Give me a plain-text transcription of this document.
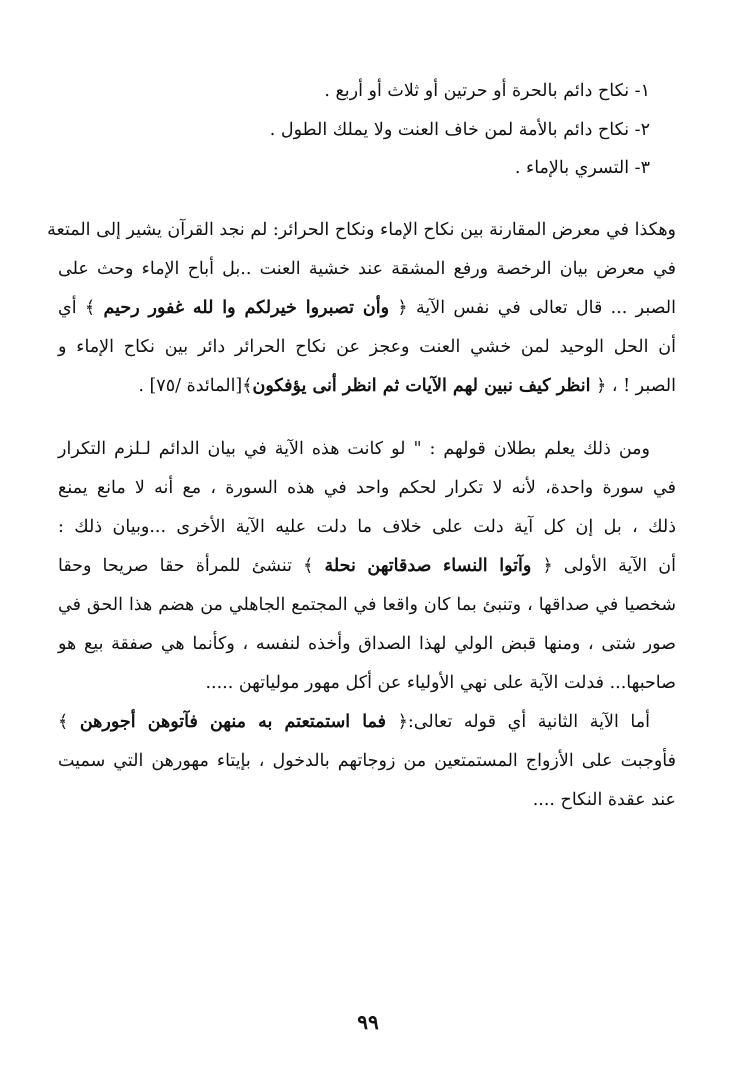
١- نكاح دائم بالحرة أو حرتين أو ثلاث أو أربع .
٢- نكاح دائم بالأمة لمن خاف العنت ولا يملك الطول .
٣- التسري بالإماء .
وهكذا في معرض المقارنة بين نكاح الإماء ونكاح الحرائر: لم نجد القرآن يشير إلى المتعة
في معرض بيان الرخصة ورفع المشقة عند خشية العنت ..بل أباح الإماء وحث على
الصبر ... قال تعالى في نفس الآية ﴿ وأن تصبروا خيرلكم وا لله غفور رحيم ﴾ أي
أن الحل الوحيد لمن خشي العنت وعجز عن نكاح الحرائر دائر بين نكاح الإماء و
الصبر ! ، ﴿ انظر كيف نبين لهم الآيات ثم انظر أنى يؤفكون﴾[المائدة /٧٥] .
ومن ذلك يعلم بطلان قولهم : " لو كانت هذه الآية في بيان الدائم لـلزم التكرار
في سورة واحدة، لأنه لا تكرار لحكم واحد في هذه السورة ، مع أنه لا مانع يمنع
ذلك ، بل إن كل آية دلت على خلاف ما دلت عليه الآية الأخرى ...وبيان ذلك :
أن الآية الأولى ﴿ وآتوا النساء صدقاتهن نحلة ﴾ تنشئ للمرأة حقا صريحا وحقا
شخصيا في صداقها ، وتنبئ بما كان واقعا في المجتمع الجاهلي من هضم هذا الحق في
صور شتى ، ومنها قبض الولي لهذا الصداق وأخذه لنفسه ، وكأنما هي صفقة بيع هو
صاحبها... فدلت الآية على نهي الأولياء عن أكل مهور مولياتهن .....
أما الآية الثانية أي قوله تعالى:﴿ فما استمتعتم به منهن فآتوهن أجورهن ﴾
فأوجبت على الأزواج المستمتعين من زوجاتهم بالدخول ، بإيتاء مهورهن التي سميت
عند عقدة النكاح ....
٩٩
